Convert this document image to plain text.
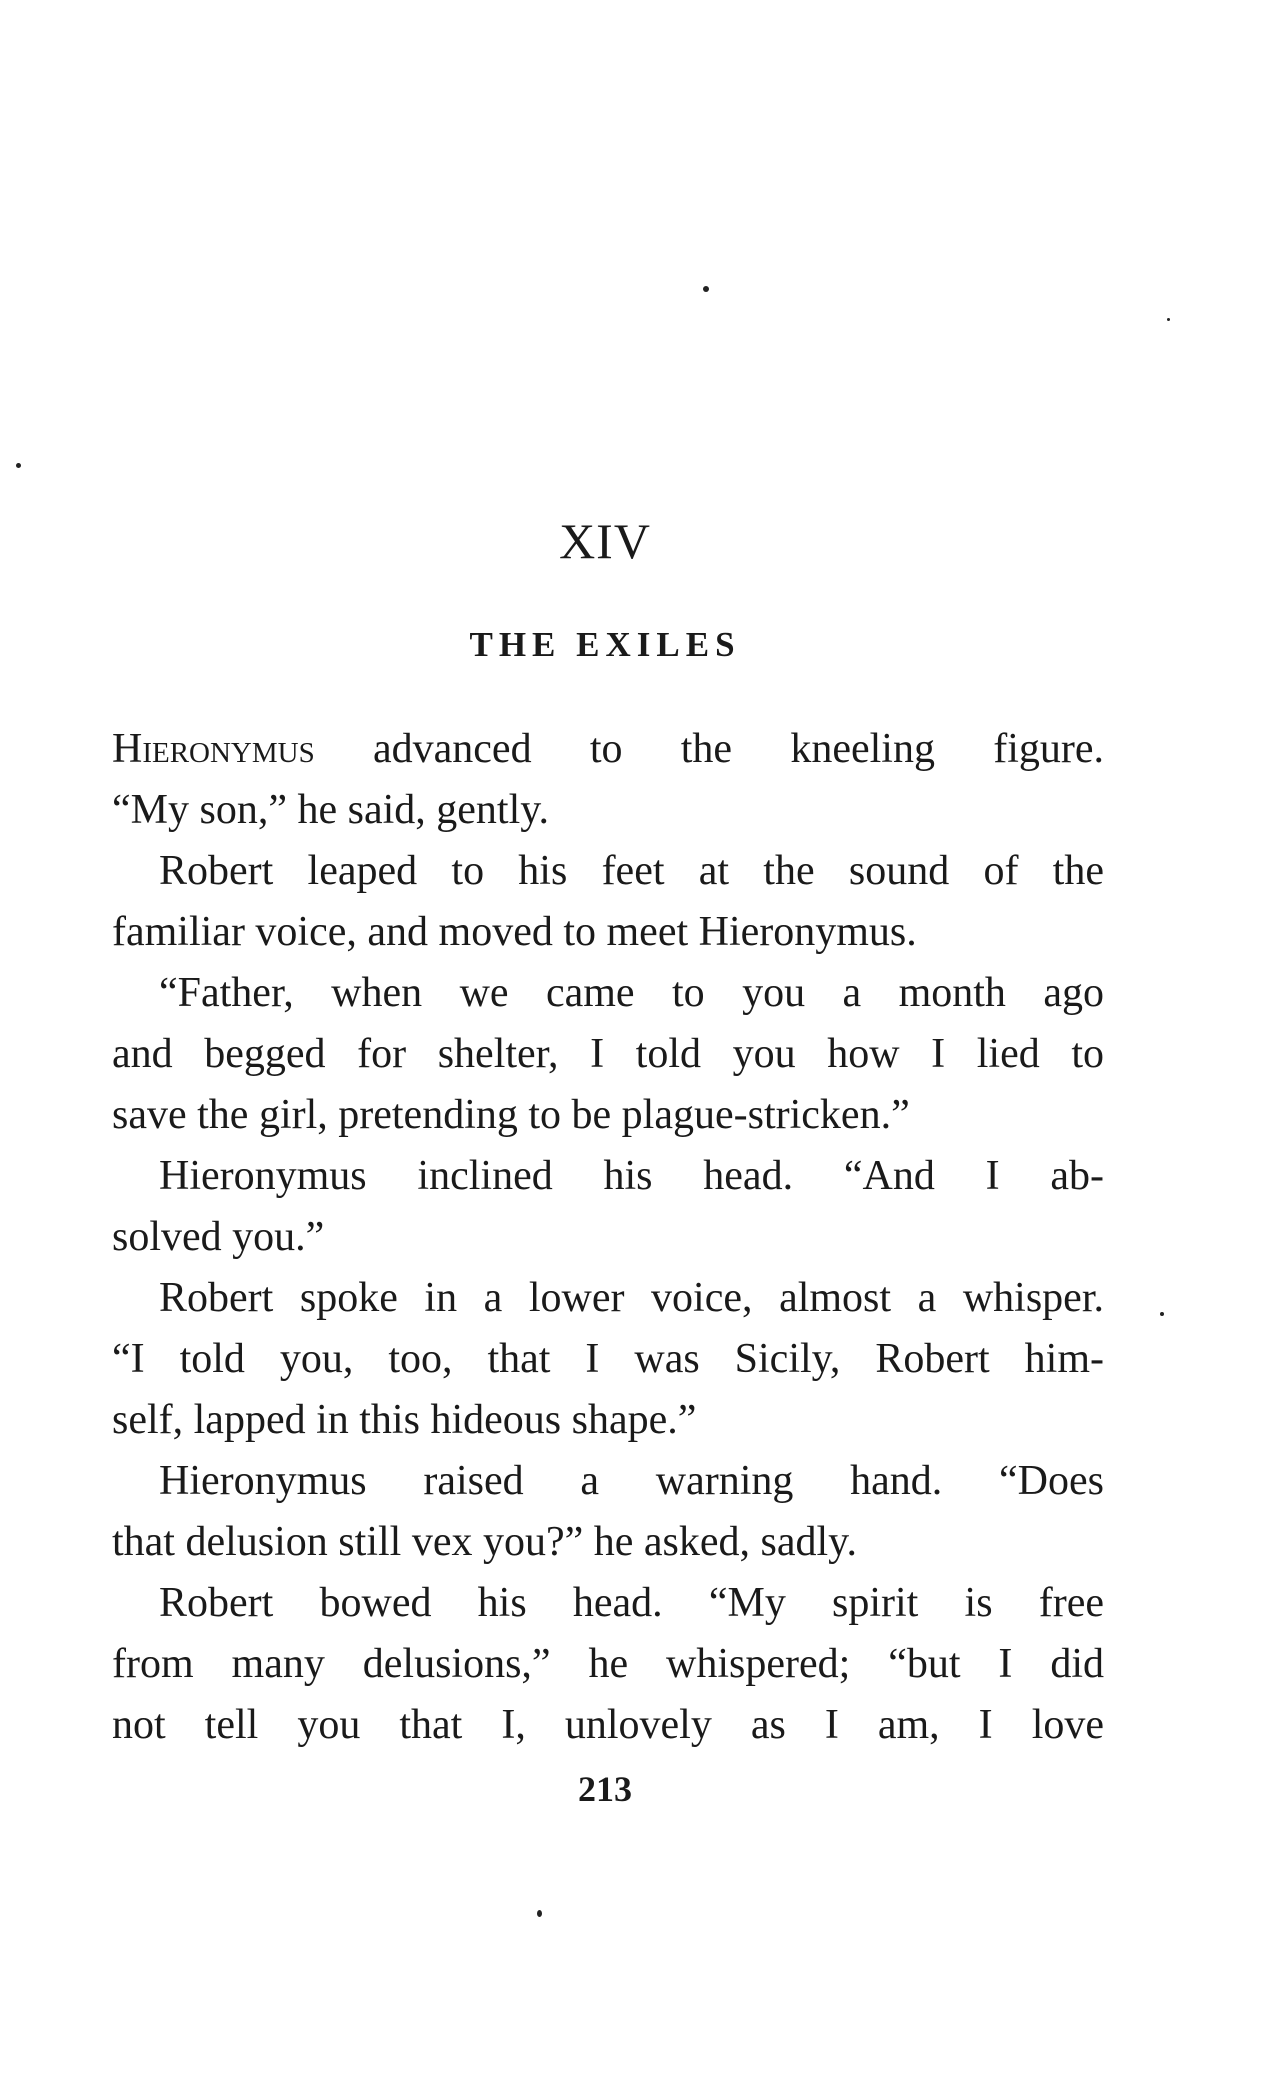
XIV
THE EXILES
Hieronymus advanced to the kneeling figure.
“My son,” he said, gently.
Robert leaped to his feet at the sound of the
familiar voice, and moved to meet Hieronymus.
“Father, when we came to you a month ago
and begged for shelter, I told you how I lied to
save the girl, pretending to be plague-stricken.”
Hieronymus inclined his head. “And I ab-
solved you.”
Robert spoke in a lower voice, almost a whisper.
“I told you, too, that I was Sicily, Robert him-
self, lapped in this hideous shape.”
Hieronymus raised a warning hand. “Does
that delusion still vex you?” he asked, sadly.
Robert bowed his head. “My spirit is free
from many delusions,” he whispered; “but I did
not tell you that I, unlovely as I am, I love
213
